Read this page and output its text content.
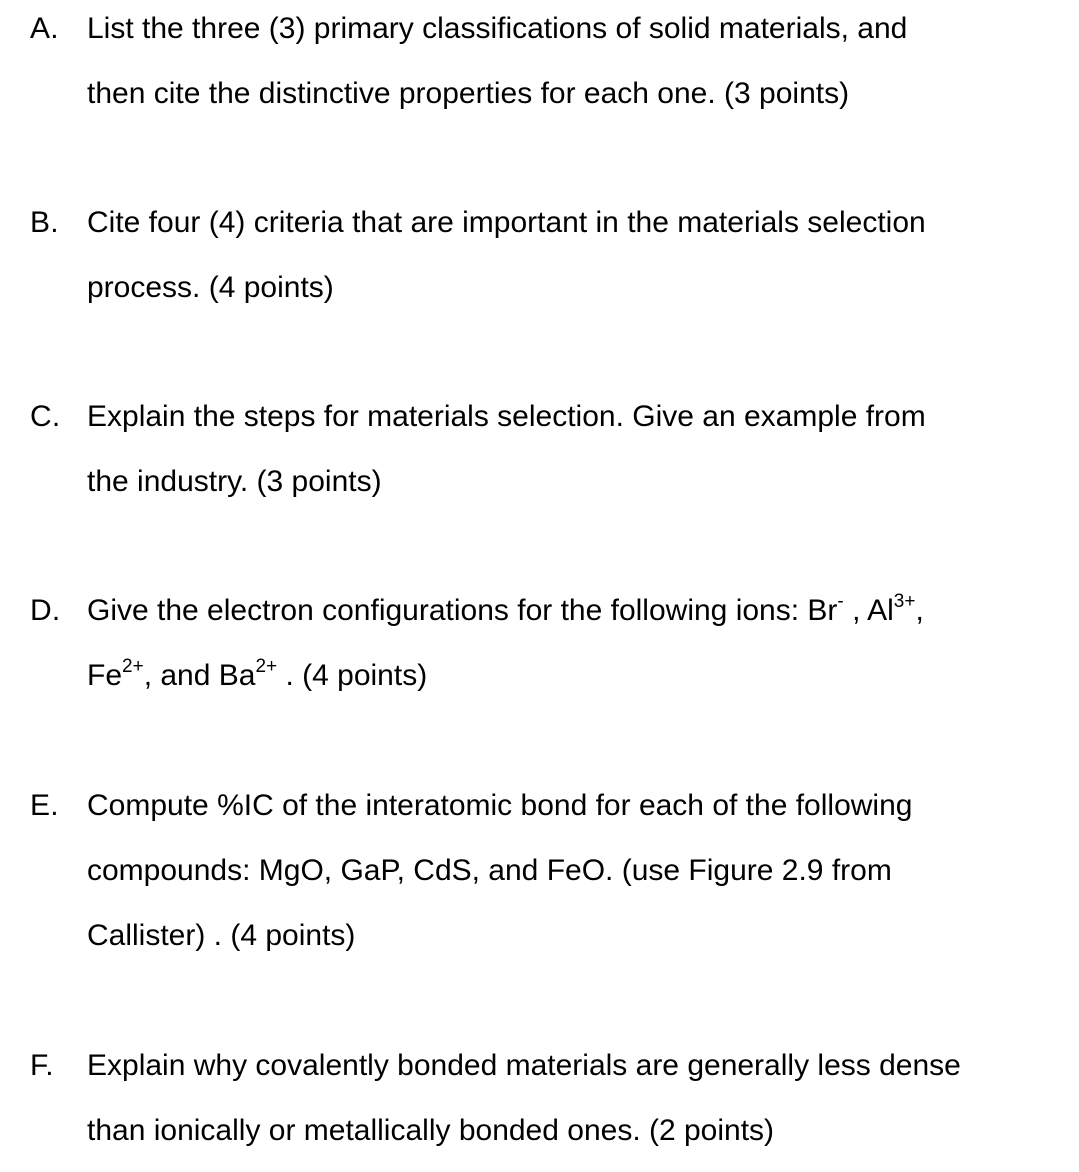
A. List the three (3) primary classifications of solid materials, and
then cite the distinctive properties for each one. (3 points)
B. Cite four (4) criteria that are important in the materials selection
process. (4 points)
C. Explain the steps for materials selection. Give an example from
the industry. (3 points)
D. Give the electron configurations for the following ions: Br- , $Al^{3+}$,
$Fe^{2+}$, and $Ba^{2+}$ . (4 points)
E. Compute %IC of the interatomic bond for each of the following
compounds: MgO, GaP, CdS, and FeO. (use Figure 2.9 from
Callister) . (4 points)
F. Explain why covalently bonded materials are generally less dense
than ionically or metallically bonded ones. (2 points)
